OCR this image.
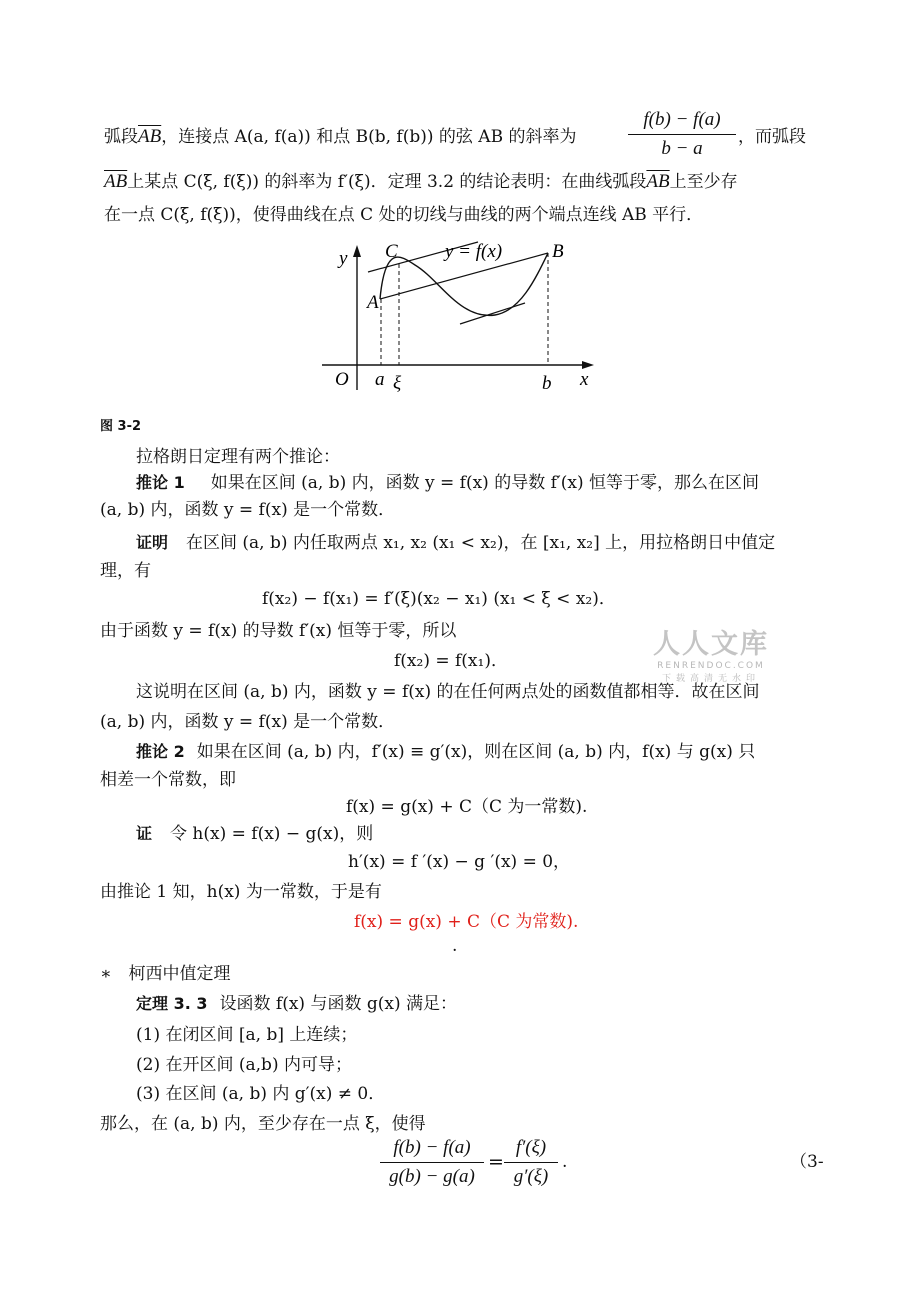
弧段$\overline{AB}$，连接点 A(a, f(a)) 和点 B(b, f(b)) 的弦 AB 的斜率为
f(b) − f(a)
b − a
，而弧段
$\overline{AB}$上某点 C(ξ, f(ξ)) 的斜率为 f′(ξ)．定理 3.2 的结论表明：在曲线弧段$\overline{AB}$上至少存
在一点 C(ξ, f(ξ))，使得曲线在点 C 处的切线与曲线的两个端点连线 AB 平行．
y C y = f(x)	B
A
O a ξ	b x
图 3-2
拉格朗日定理有两个推论：
推论 1 如果在区间 (a, b) 内，函数 y = f(x) 的导数 f′(x) 恒等于零，那么在区间
(a, b) 内，函数 y = f(x) 是一个常数．
证明 在区间 (a, b) 内任取两点 x₁, x₂ (x₁ < x₂)，在 [x₁, x₂] 上，用拉格朗日中值定
理，有
f(x₂) − f(x₁) = f′(ξ)(x₂ − x₁) (x₁ < ξ < x₂)．
由于函数 y = f(x) 的导数 f′(x) 恒等于零，所以
f(x₂) = f(x₁)．
这说明在区间 (a, b) 内，函数 y = f(x) 的在任何两点处的函数值都相等．故在区间
(a, b) 内，函数 y = f(x) 是一个常数．
推论 2 如果在区间 (a, b) 内，f′(x) ≡ g′(x)，则在区间 (a, b) 内，f(x) 与 g(x) 只
相差一个常数，即
f(x) = g(x) + C（C 为一常数).
证 令 h(x) = f(x) − g(x)，则
h′(x) = f ′(x) − g ′(x) = 0，
由推论 1 知，h(x) 为一常数，于是有
f(x) = g(x) + C（C 为常数).
.
∗　柯西中值定理
定理 3. 3 设函数 f(x) 与函数 g(x) 满足：
(1) 在闭区间 [a, b] 上连续；
(2) 在开区间 (a,b) 内可导；
(3) 在区间 (a, b) 内 g′(x) ≠ 0．
那么，在 (a, b) 内，至少存在一点 ξ，使得
f(b) − f(a)
g(b) − g(a)
=
f′(ξ)
g′(ξ)
.	（3-
人人文库
RENRENDOC.COM
下载高清无水印
